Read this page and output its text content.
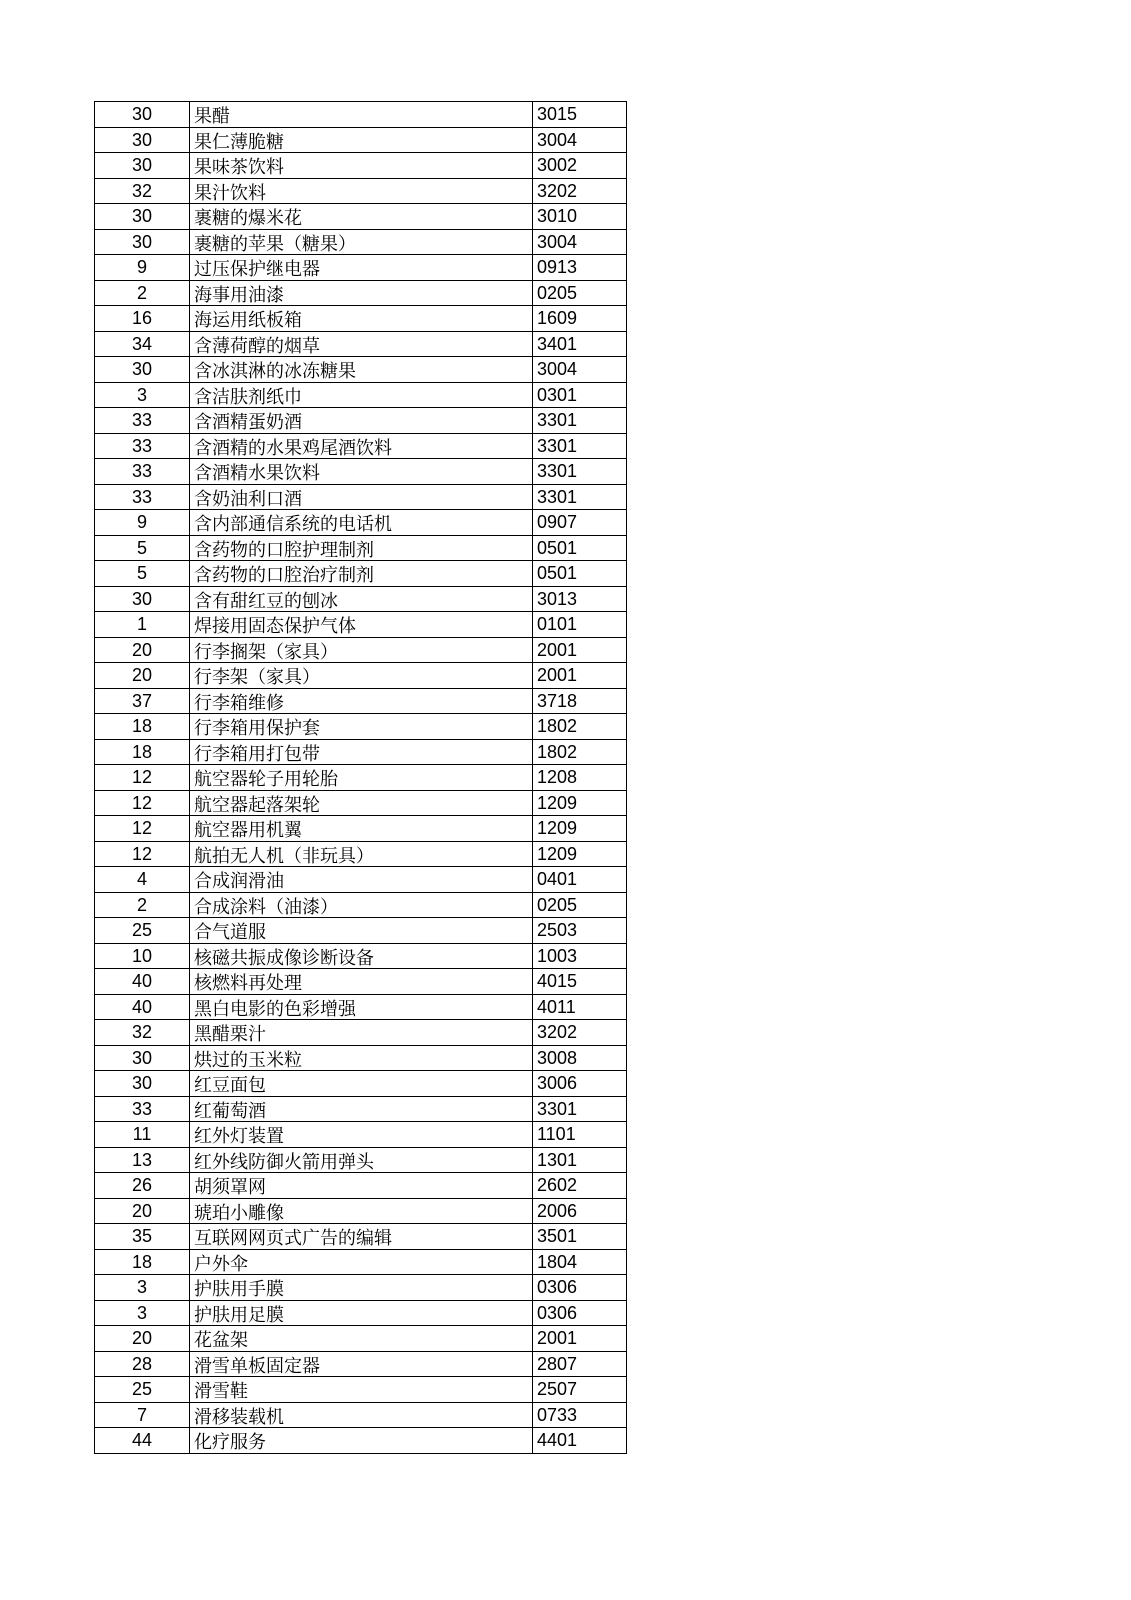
30	果醋	3015
30	果仁薄脆糖	3004
30	果味茶饮料	3002
32	果汁饮料	3202
30	裹糖的爆米花	3010
30	裹糖的苹果（糖果）	3004
9	过压保护继电器	0913
2	海事用油漆	0205
16	海运用纸板箱	1609
34	含薄荷醇的烟草	3401
30	含冰淇淋的冰冻糖果	3004
3	含洁肤剂纸巾	0301
33	含酒精蛋奶酒	3301
33	含酒精的水果鸡尾酒饮料	3301
33	含酒精水果饮料	3301
33	含奶油利口酒	3301
9	含内部通信系统的电话机	0907
5	含药物的口腔护理制剂	0501
5	含药物的口腔治疗制剂	0501
30	含有甜红豆的刨冰	3013
1	焊接用固态保护气体	0101
20	行李搁架（家具）	2001
20	行李架（家具）	2001
37	行李箱维修	3718
18	行李箱用保护套	1802
18	行李箱用打包带	1802
12	航空器轮子用轮胎	1208
12	航空器起落架轮	1209
12	航空器用机翼	1209
12	航拍无人机（非玩具）	1209
4	合成润滑油	0401
2	合成涂料（油漆）	0205
25	合气道服	2503
10	核磁共振成像诊断设备	1003
40	核燃料再处理	4015
40	黑白电影的色彩增强	4011
32	黑醋栗汁	3202
30	烘过的玉米粒	3008
30	红豆面包	3006
33	红葡萄酒	3301
11	红外灯装置	1101
13	红外线防御火箭用弹头	1301
26	胡须罩网	2602
20	琥珀小雕像	2006
35	互联网网页式广告的编辑	3501
18	户外伞	1804
3	护肤用手膜	0306
3	护肤用足膜	0306
20	花盆架	2001
28	滑雪单板固定器	2807
25	滑雪鞋	2507
7	滑移装载机	0733
44	化疗服务	4401
